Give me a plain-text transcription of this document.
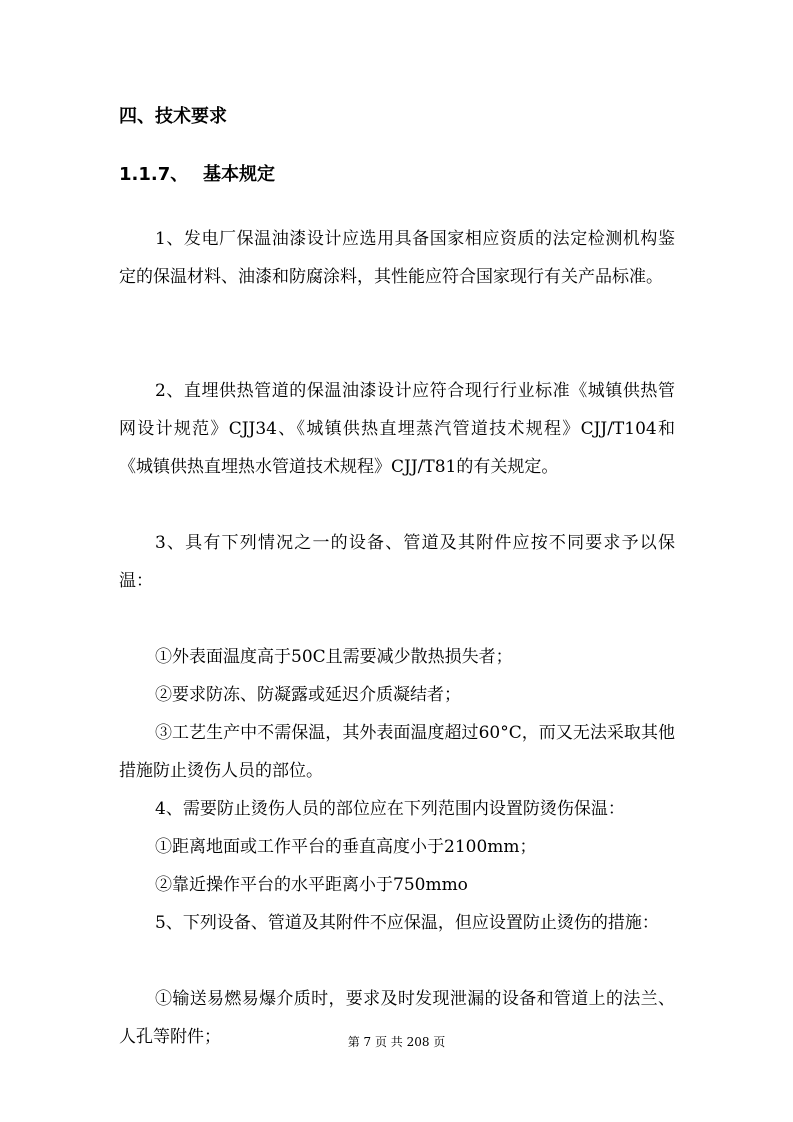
四、技术要求
1.1.7、 基本规定

1、发电厂保温油漆设计应选用具备国家相应资质的法定检测机构鉴定的保温材料、油漆和防腐涂料，其性能应符合国家现行有关产品标准。

2、直埋供热管道的保温油漆设计应符合现行行业标准《城镇供热管网设计规范》CJJ34、《城镇供热直埋蒸汽管道技术规程》CJJ/T104和《城镇供热直埋热水管道技术规程》CJJ/T81的有关规定。

3、具有下列情况之一的设备、管道及其附件应按不同要求予以保温：

①外表面温度高于50C且需要减少散热损失者；

②要求防冻、防凝露或延迟介质凝结者；

③工艺生产中不需保温，其外表面温度超过60°C，而又无法采取其他措施防止烫伤人员的部位。

4、需要防止烫伤人员的部位应在下列范围内设置防烫伤保温：

①距离地面或工作平台的垂直高度小于2100mm；

②靠近操作平台的水平距离小于750mmo

5、下列设备、管道及其附件不应保温，但应设置防止烫伤的措施：

①输送易燃易爆介质时，要求及时发现泄漏的设备和管道上的法兰、人孔等附件；	第 7 页 共 208 页
